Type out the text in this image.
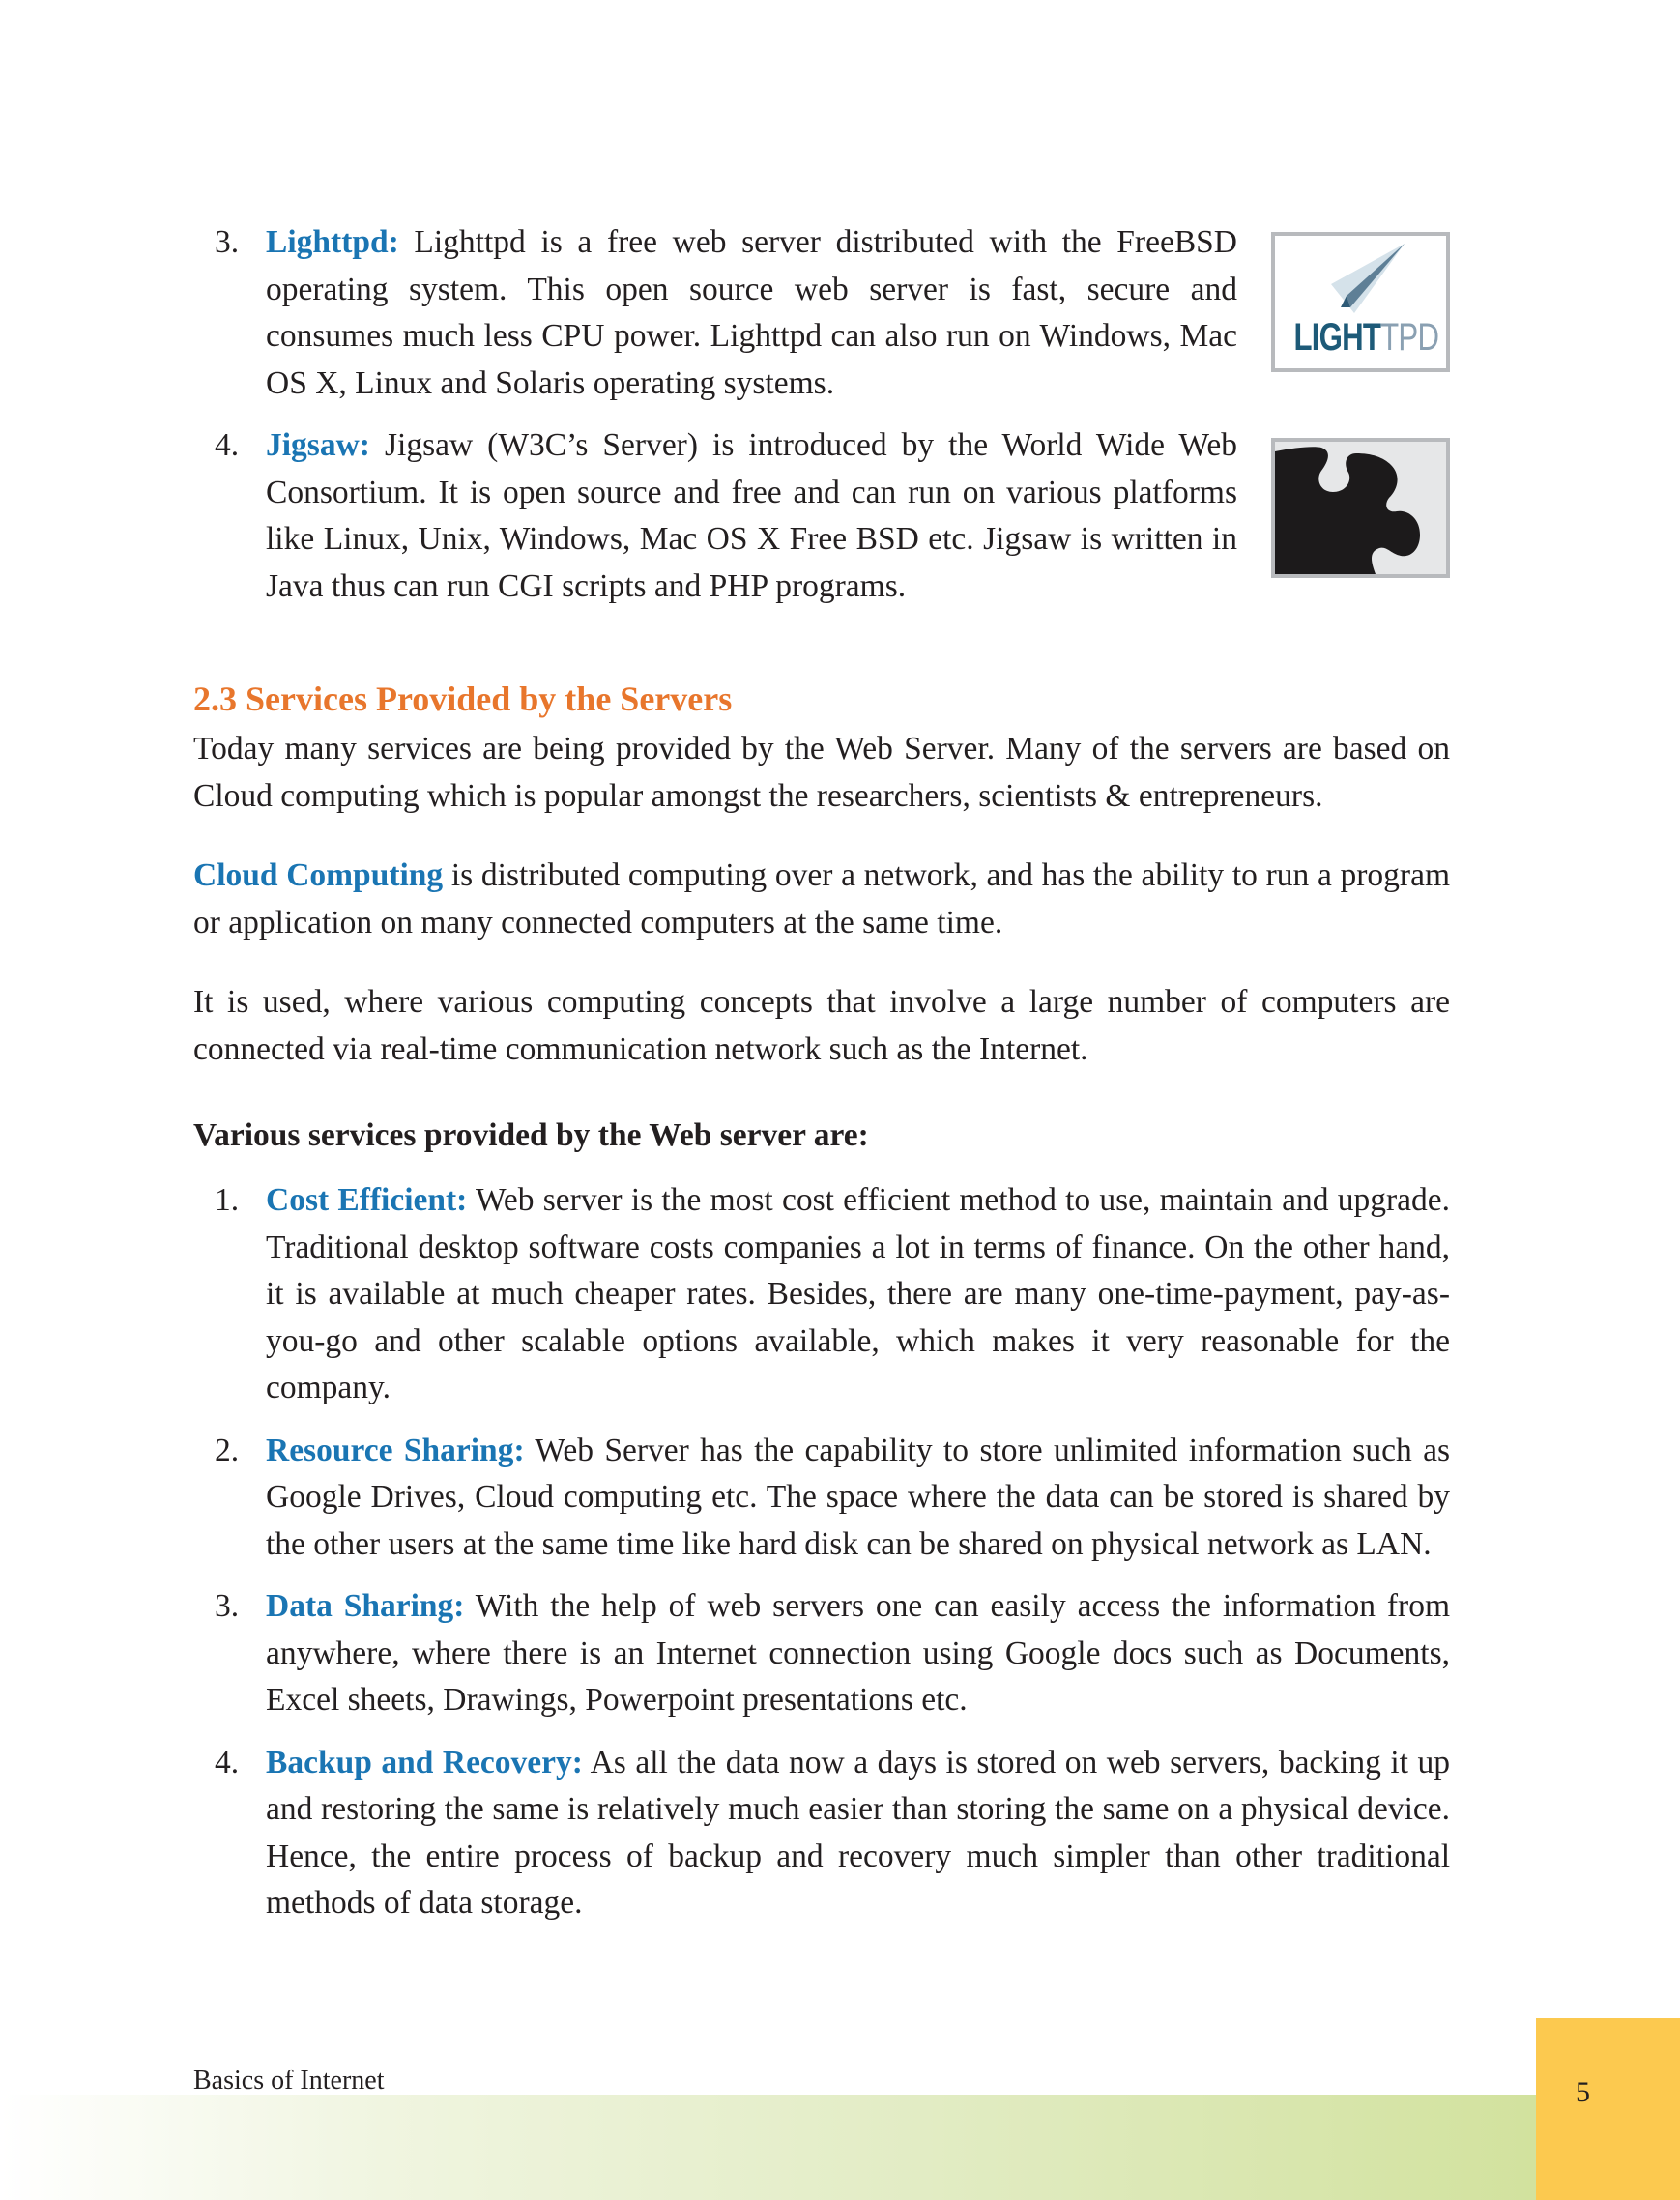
3. Lighttpd: Lighttpd is a free web server distributed with the FreeBSD operating system. This open source web server is fast, secure and consumes much less CPU power. Lighttpd can also run on Windows, Mac OS X, Linux and Solaris operating systems.
4. Jigsaw: Jigsaw (W3C’s Server) is introduced by the World Wide Web Consortium. It is open source and free and can run on various platforms like Linux, Unix, Windows, Mac OS X Free BSD etc. Jigsaw is written in Java thus can run CGI scripts and PHP programs.
LIGHTTPD
2.3 Services Provided by the Servers

Today many services are being provided by the Web Server. Many of the servers are based on Cloud computing which is popular amongst the researchers, scientists & entrepreneurs.

Cloud Computing is distributed computing over a network, and has the ability to run a program or application on many connected computers at the same time.

It is used, where various computing concepts that involve a large number of computers are connected via real-time communication network such as the Internet.

Various services provided by the Web server are:
1. Cost Efficient: Web server is the most cost efficient method to use, maintain and upgrade. Traditional desktop software costs companies a lot in terms of finance. On the other hand, it is available at much cheaper rates. Besides, there are many one-time-payment, pay-as-you-go and other scalable options available, which makes it very reasonable for the company.
2. Resource Sharing: Web Server has the capability to store unlimited information such as Google Drives, Cloud computing etc. The space where the data can be stored is shared by the other users at the same time like hard disk can be shared on physical network as LAN.
3. Data Sharing: With the help of web servers one can easily access the information from anywhere, where there is an Internet connection using Google docs such as Documents, Excel sheets, Drawings, Powerpoint presentations etc.
4. Backup and Recovery: As all the data now a days is stored on web servers, backing it up and restoring the same is relatively much easier than storing the same on a physical device. Hence, the entire process of backup and recovery much simpler than other traditional methods of data storage.
Basics of Internet	5
